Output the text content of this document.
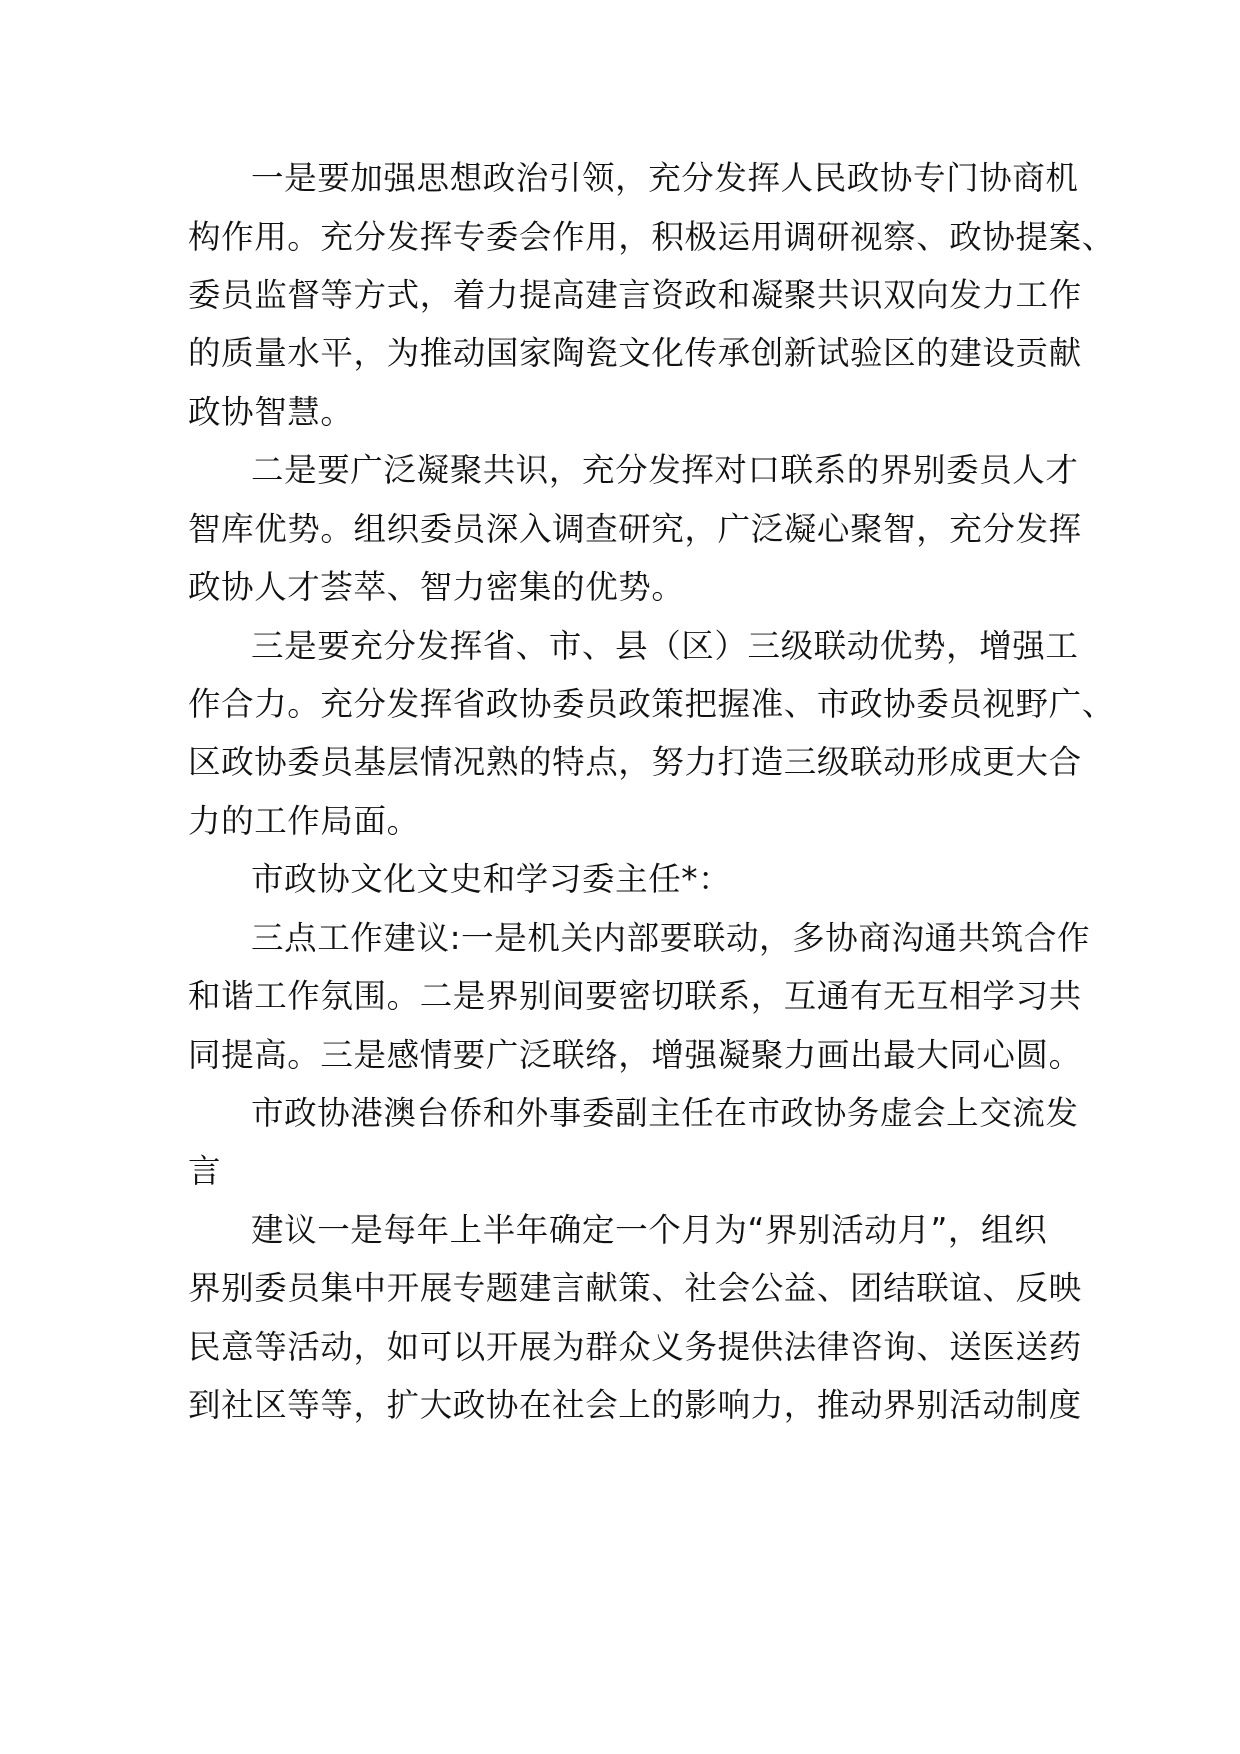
一是要加强思想政治引领，充分发挥人民政协专门协商机

构作用。充分发挥专委会作用，积极运用调研视察、政协提案、

委员监督等方式，着力提高建言资政和凝聚共识双向发力工作

的质量水平，为推动国家陶瓷文化传承创新试验区的建设贡献

政协智慧。

二是要广泛凝聚共识，充分发挥对口联系的界别委员人才

智库优势。组织委员深入调查研究，广泛凝心聚智，充分发挥

政协人才荟萃、智力密集的优势。

三是要充分发挥省、市、县（区）三级联动优势，增强工

作合力。充分发挥省政协委员政策把握准、市政协委员视野广、

区政协委员基层情况熟的特点，努力打造三级联动形成更大合

力的工作局面。

市政协文化文史和学习委主任*：

三点工作建议:一是机关内部要联动，多协商沟通共筑合作

和谐工作氛围。二是界别间要密切联系，互通有无互相学习共

同提高。三是感情要广泛联络，增强凝聚力画出最大同心圆。

市政协港澳台侨和外事委副主任在市政协务虚会上交流发

言

建议一是每年上半年确定一个月为“界别活动月”，组织

界别委员集中开展专题建言献策、社会公益、团结联谊、反映

民意等活动，如可以开展为群众义务提供法律咨询、送医送药

到社区等等，扩大政协在社会上的影响力，推动界别活动制度
